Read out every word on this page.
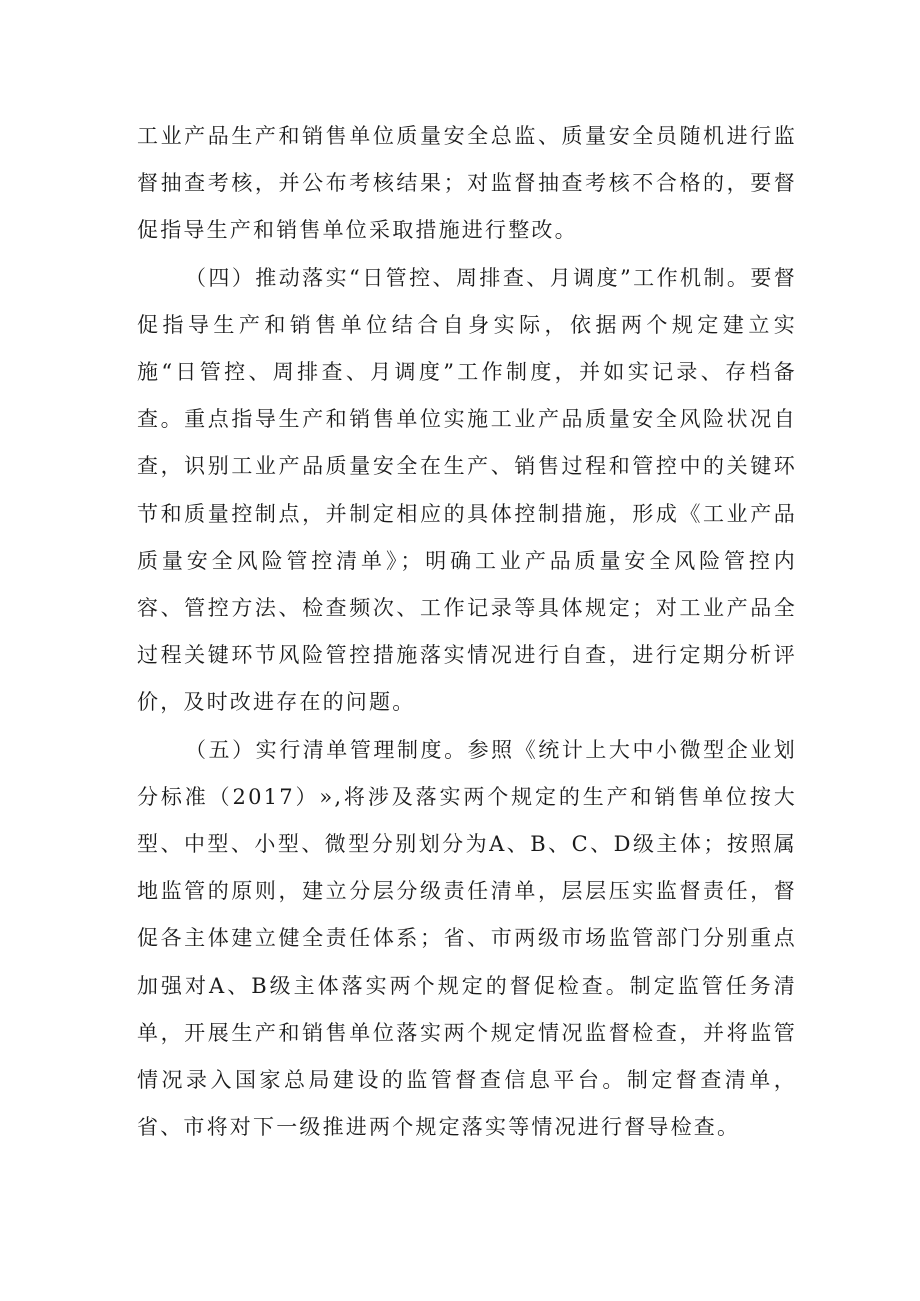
工业产品生产和销售单位质量安全总监、质量安全员随机进行监督抽查考核，并公布考核结果；对监督抽查考核不合格的，要督促指导生产和销售单位采取措施进行整改。

（四）推动落实“日管控、周排查、月调度”工作机制。要督促指导生产和销售单位结合自身实际，依据两个规定建立实施“日管控、周排查、月调度”工作制度，并如实记录、存档备查。重点指导生产和销售单位实施工业产品质量安全风险状况自查，识别工业产品质量安全在生产、销售过程和管控中的关键环节和质量控制点，并制定相应的具体控制措施，形成《工业产品质量安全风险管控清单》；明确工业产品质量安全风险管控内容、管控方法、检查频次、工作记录等具体规定；对工业产品全过程关键环节风险管控措施落实情况进行自查，进行定期分析评价，及时改进存在的问题。

（五）实行清单管理制度。参照《统计上大中小微型企业划分标准（2017）»,将涉及落实两个规定的生产和销售单位按大型、中型、小型、微型分别划分为A、B、C、D级主体；按照属地监管的原则，建立分层分级责任清单，层层压实监督责任，督促各主体建立健全责任体系；省、市两级市场监管部门分别重点加强对A、B级主体落实两个规定的督促检查。制定监管任务清单，开展生产和销售单位落实两个规定情况监督检查，并将监管情况录入国家总局建设的监管督查信息平台。制定督查清单，省、市将对下一级推进两个规定落实等情况进行督导检查。
